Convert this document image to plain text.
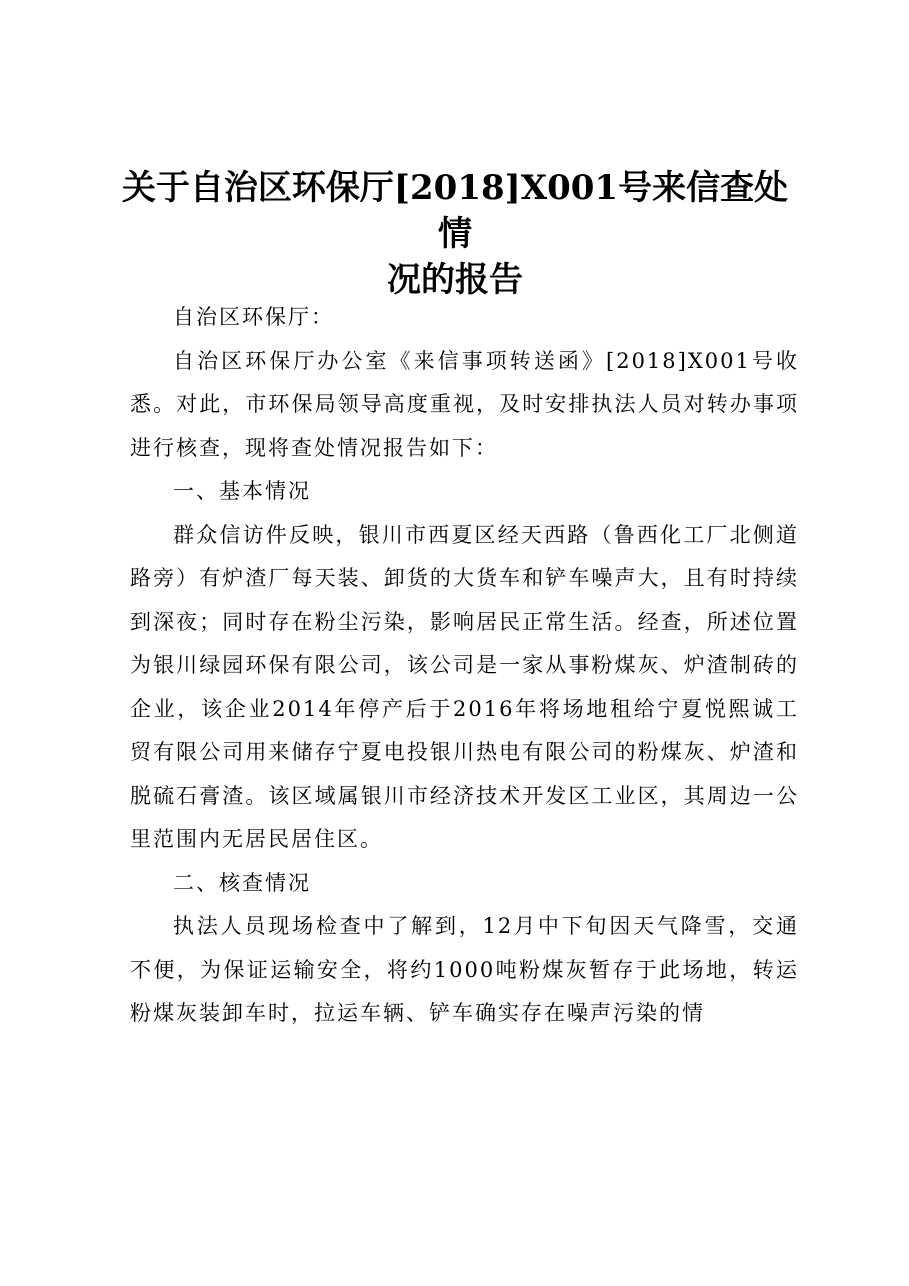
关于自治区环保厅[2018]X001号来信查处情
况的报告

自治区环保厅：

自治区环保厅办公室《来信事项转送函》[2018]X001号收悉。对此，市环保局领导高度重视，及时安排执法人员对转办事项进行核查，现将查处情况报告如下：

一、基本情况

群众信访件反映，银川市西夏区经天西路（鲁西化工厂北侧道路旁）有炉渣厂每天装、卸货的大货车和铲车噪声大，且有时持续到深夜；同时存在粉尘污染，影响居民正常生活。经查，所述位置为银川绿园环保有限公司，该公司是一家从事粉煤灰、炉渣制砖的企业，该企业2014年停产后于2016年将场地租给宁夏悦熙诚工贸有限公司用来储存宁夏电投银川热电有限公司的粉煤灰、炉渣和脱硫石膏渣。该区域属银川市经济技术开发区工业区，其周边一公里范围内无居民居住区。

二、核查情况

执法人员现场检查中了解到，12月中下旬因天气降雪，交通不便，为保证运输安全，将约1000吨粉煤灰暂存于此场地，转运粉煤灰装卸车时，拉运车辆、铲车确实存在噪声污染的情
